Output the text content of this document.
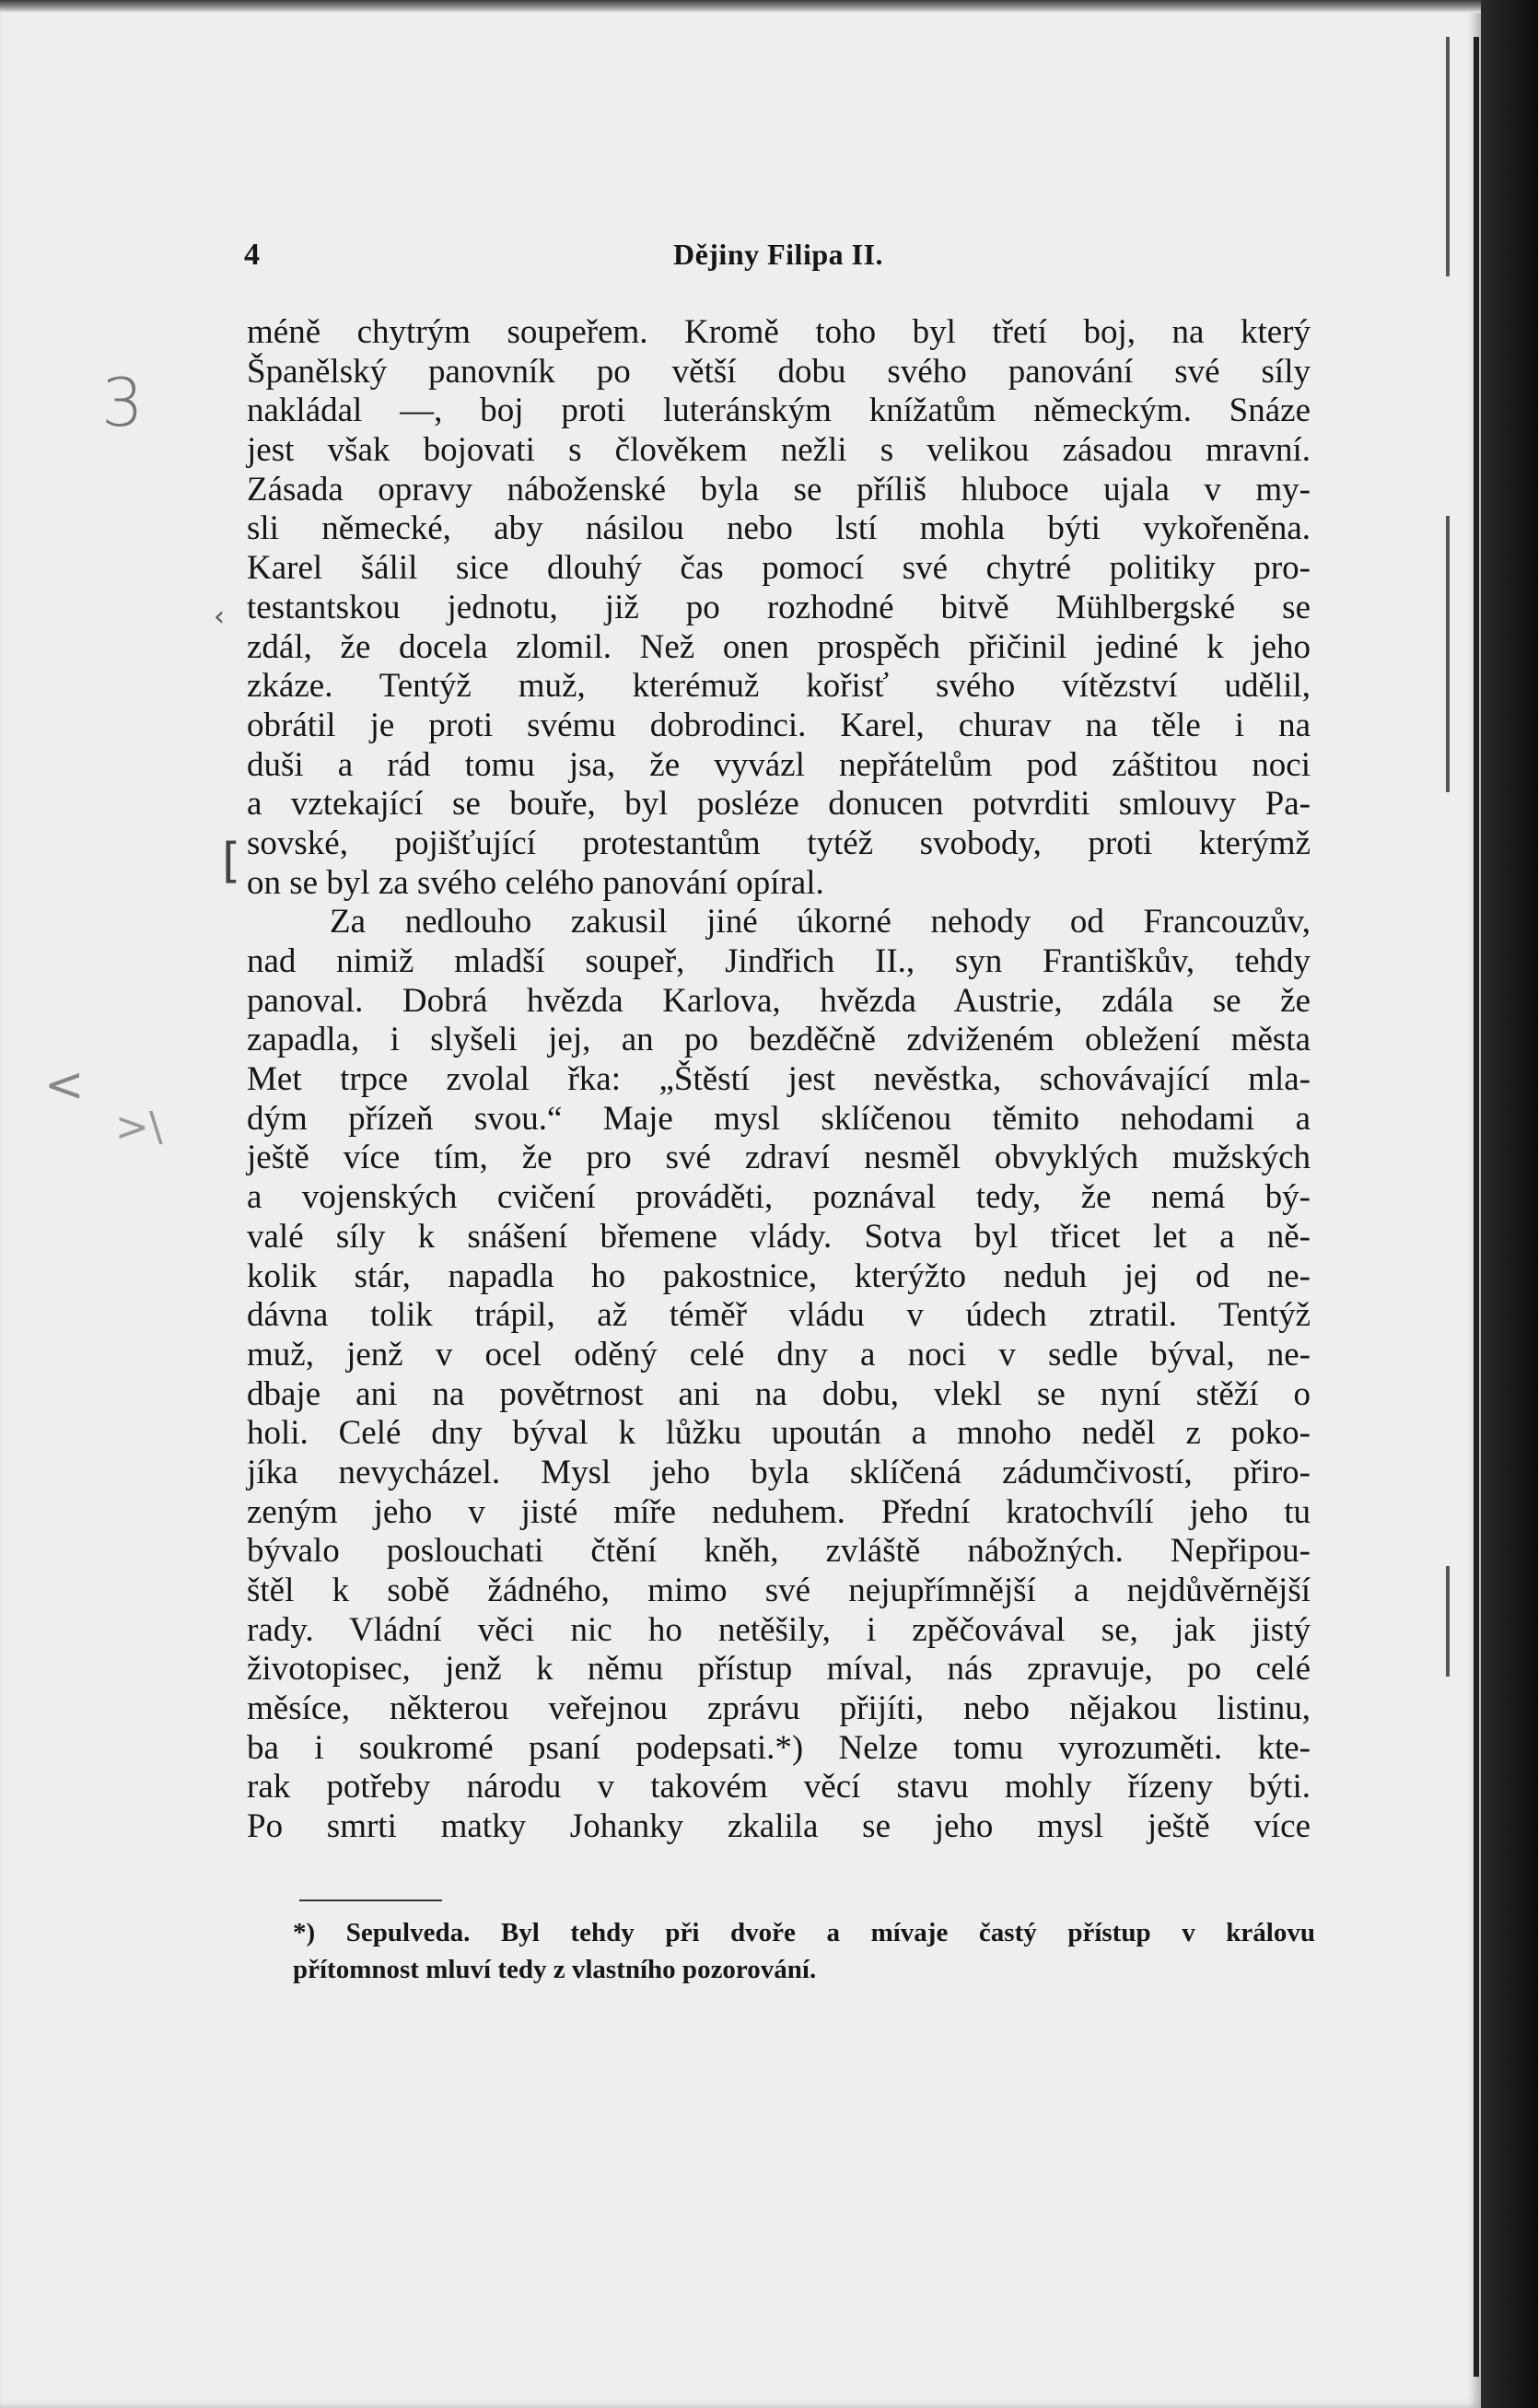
4	Dějiny Filipa II.
méně chytrým soupeřem. Kromě toho byl třetí boj, na který
Španělský panovník po větší dobu svého panování své síly
nakládal —, boj proti luteránským knížatům německým. Snáze
jest však bojovati s člověkem nežli s velikou zásadou mravní.
Zásada opravy náboženské byla se příliš hluboce ujala v my-
sli německé, aby násilou nebo lstí mohla býti vykořeněna.
Karel šálil sice dlouhý čas pomocí své chytré politiky pro-
testantskou jednotu, již po rozhodné bitvě Mühlbergské se
zdál, že docela zlomil. Než onen prospěch přičinil jediné k jeho
zkáze. Tentýž muž, kterémuž kořisť svého vítězství udělil,
obrátil je proti svému dobrodinci. Karel, churav na těle i na
duši a rád tomu jsa, že vyvázl nepřátelům pod záštitou noci
a vztekající se bouře, byl posléze donucen potvrditi smlouvy Pa-
sovské, pojišťující protestantům tytéž svobody, proti kterýmž
on se byl za svého celého panování opíral.
Za nedlouho zakusil jiné úkorné nehody od Francouzův,
nad nimiž mladší soupeř, Jindřich II., syn Františkův, tehdy
panoval. Dobrá hvězda Karlova, hvězda Austrie, zdála se že
zapadla, i slyšeli jej, an po bezděčně zdviženém obležení města
Met trpce zvolal řka: „Štěstí jest nevěstka, schovávající mla-
dým přízeň svou.“ Maje mysl sklíčenou těmito nehodami a
ještě více tím, že pro své zdraví nesměl obvyklých mužských
a vojenských cvičení prováděti, poznával tedy, že nemá bý-
valé síly k snášení břemene vlády. Sotva byl třicet let a ně-
kolik stár, napadla ho pakostnice, kterýžto neduh jej od ne-
dávna tolik trápil, až téměř vládu v údech ztratil. Tentýž
muž, jenž v ocel oděný celé dny a noci v sedle býval, ne-
dbaje ani na povětrnost ani na dobu, vlekl se nyní stěží o
holi. Celé dny býval k lůžku upoután a mnoho neděl z poko-
jíka nevycházel. Mysl jeho byla sklíčená zádumčivostí, přiro-
zeným jeho v jisté míře neduhem. Přední kratochvílí jeho tu
bývalo poslouchati čtění kněh, zvláště nábožných. Nepřipou-
štěl k sobě žádného, mimo své nejupřímnější a nejdůvěrnější
rady. Vládní věci nic ho netěšily, i zpěčovával se, jak jistý
životopisec, jenž k němu přístup míval, nás zpravuje, po celé
měsíce, některou veřejnou zprávu přijíti, nebo nějakou listinu,
ba i soukromé psaní podepsati.*) Nelze tomu vyrozuměti. kte-
rak potřeby národu v takovém věcí stavu mohly řízeny býti.
Po smrti matky Johanky zkalila se jeho mysl ještě více
*) Sepulveda. Byl tehdy při dvoře a mívaje častý přístup v královu
přítomnost mluví tedy z vlastního pozorování.
3
<
>\
‹
[
